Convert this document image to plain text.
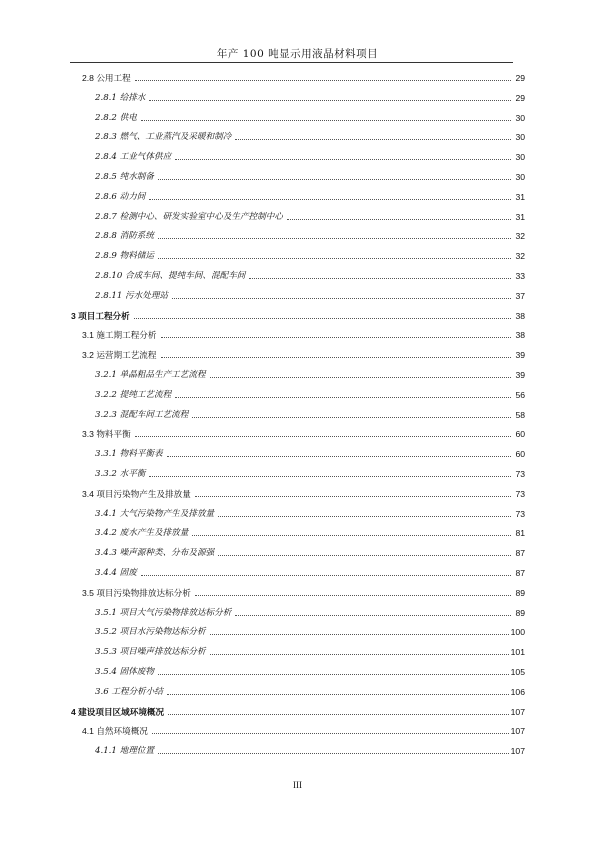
年产 100 吨显示用液晶材料项目
2.8 公用工程	29
2.8.1 给排水	29
2.8.2 供电	30
2.8.3 燃气、工业蒸汽及采暖和制冷	30
2.8.4 工业气体供应	30
2.8.5 纯水制备	30
2.8.6 动力间	31
2.8.7 检测中心、研发实验室中心及生产控制中心	31
2.8.8 消防系统	32
2.8.9 物料储运	32
2.8.10 合成车间、提纯车间、混配车间	33
2.8.11 污水处理站	37
3 项目工程分析	38
3.1 施工期工程分析	38
3.2 运营期工艺流程	39
3.2.1 单晶粗品生产工艺流程	39
3.2.2 提纯工艺流程	56
3.2.3 混配车间工艺流程	58
3.3 物料平衡	60
3.3.1 物料平衡表	60
3.3.2 水平衡	73
3.4 项目污染物产生及排放量	73
3.4.1 大气污染物产生及排放量	73
3.4.2 废水产生及排放量	81
3.4.3 噪声源种类、分布及源强	87
3.4.4 固废	87
3.5 项目污染物排放达标分析	89
3.5.1 项目大气污染物排放达标分析	89
3.5.2 项目水污染物达标分析	100
3.5.3 项目噪声排放达标分析	101
3.5.4 固体废物	105
3.6 工程分析小结	106
4 建设项目区域环境概况	107
4.1 自然环境概况	107
4.1.1 地理位置	107
III
